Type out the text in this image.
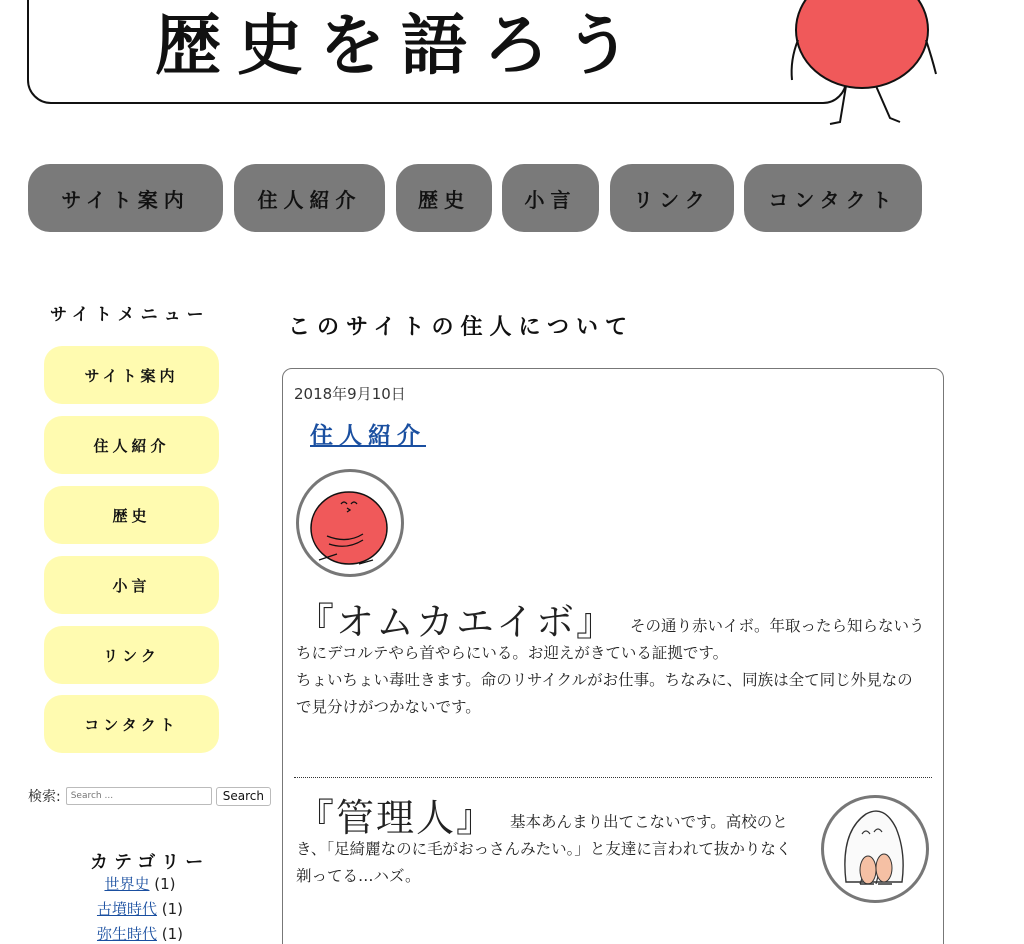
歴史を語ろう
サイト案内	住人紹介	歴史	小言	リンク	コンタクト
サイトメニュー
サイト案内
住人紹介
歴史
小言
リンク
コンタクト
検索:
Search ...	Search
カテゴリー
世界史 (1)
古墳時代 (1)
弥生時代 (1)
このサイトの住人について
2018年9月10日
住人紹介

『オムカエイボ』 その通り赤いイボ。年取ったら知らないうちにデコルテやら首やらにいる。お迎えがきている証拠です。

ちょいちょい毒吐きます。命のリサイクルがお仕事。ちなみに、同族は全て同じ外見なので見分けがつかないです。

『管理人』 基本あんまり出てこないです。高校のとき、「足綺麗なのに毛がおっさんみたい。」と友達に言われて抜かりなく剃ってる…ハズ。
